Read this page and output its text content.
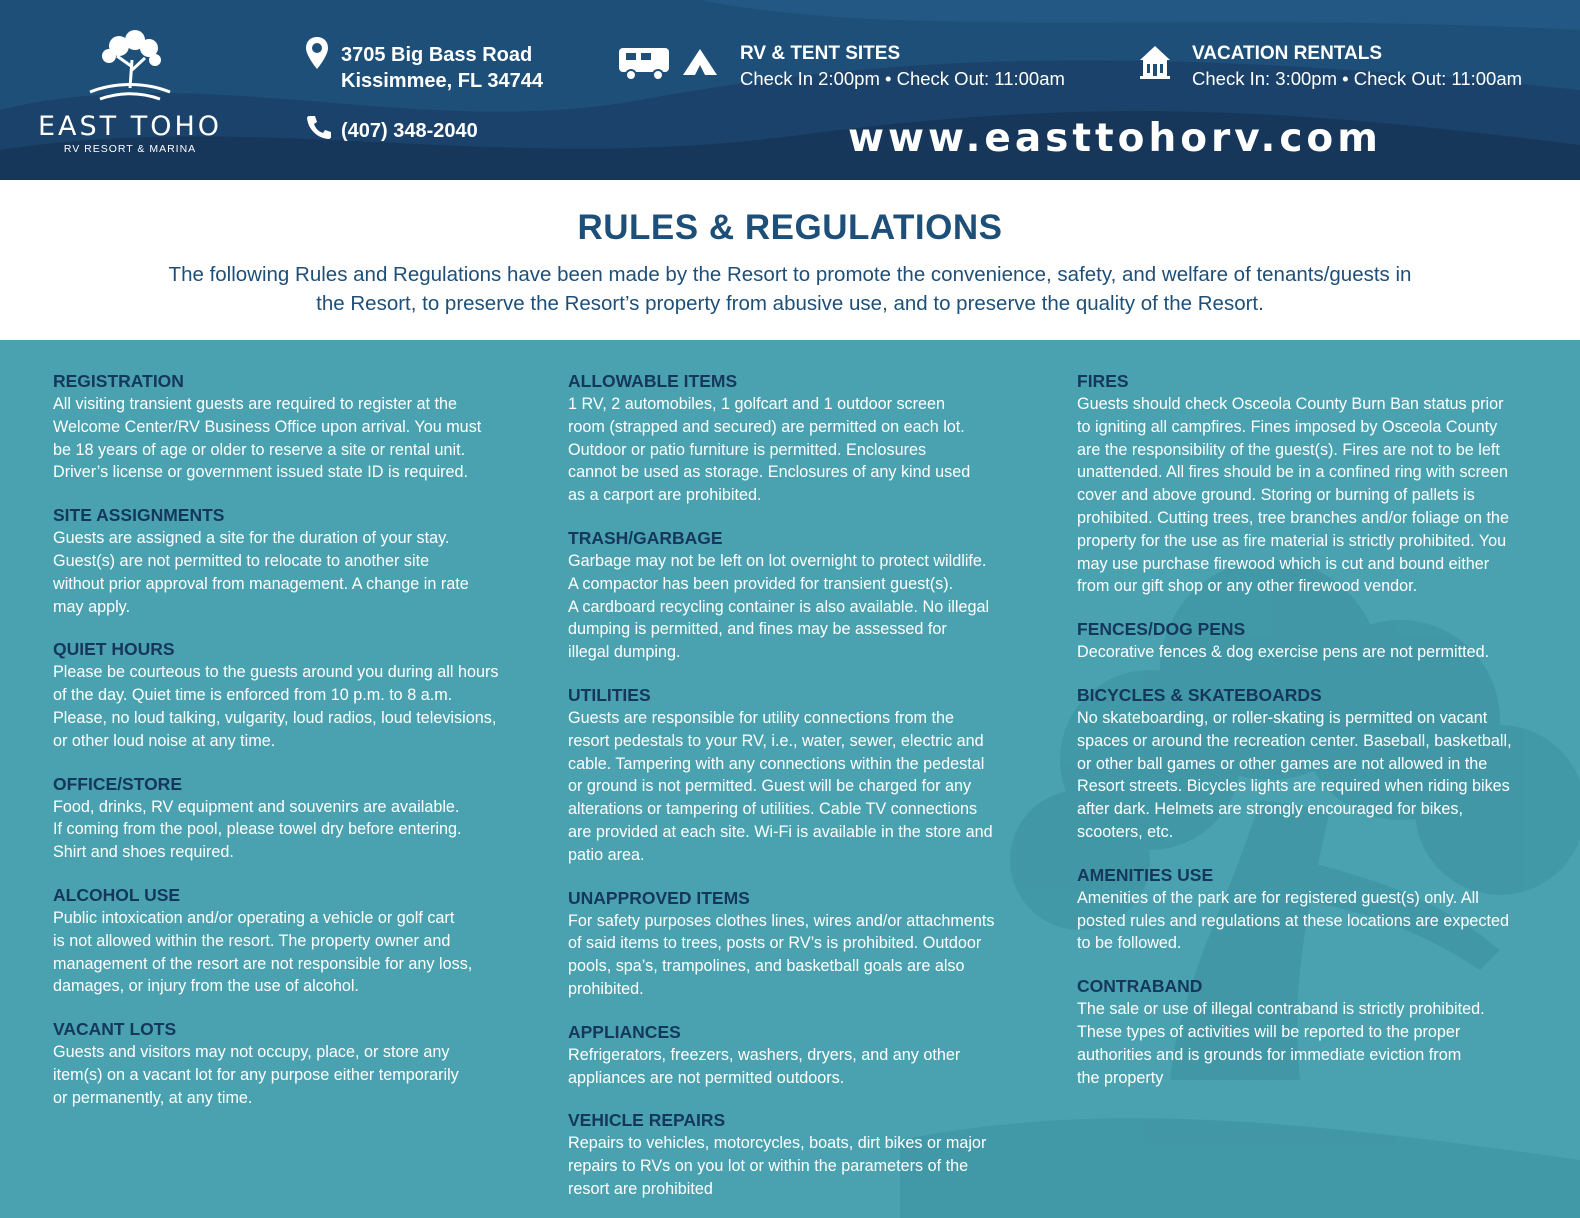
EAST TOHO
RV RESORT & MARINA
3705 Big Bass Road
Kissimmee, FL 34744
(407) 348-2040
RV & TENT SITES
Check In 2:00pm • Check Out: 11:00am
VACATION RENTALS
Check In: 3:00pm • Check Out: 11:00am
www.easttohorv.com
RULES & REGULATIONS

The following Rules and Regulations have been made by the Resort to promote the convenience, safety, and welfare of tenants/guests in
the Resort, to preserve the Resort’s property from abusive use, and to preserve the quality of the Resort.

REGISTRATION
All visiting transient guests are required to register at the
Welcome Center/RV Business Office upon arrival. You must
be 18 years of age or older to reserve a site or rental unit.
Driver’s license or government issued state ID is required.
SITE ASSIGNMENTS
Guests are assigned a site for the duration of your stay.
Guest(s) are not permitted to relocate to another site
without prior approval from management. A change in rate
may apply.
QUIET HOURS
Please be courteous to the guests around you during all hours
of the day. Quiet time is enforced from 10 p.m. to 8 a.m.
Please, no loud talking, vulgarity, loud radios, loud televisions,
or other loud noise at any time.
OFFICE/STORE
Food, drinks, RV equipment and souvenirs are available.
If coming from the pool, please towel dry before entering.
Shirt and shoes required.
ALCOHOL USE
Public intoxication and/or operating a vehicle or golf cart
is not allowed within the resort. The property owner and
management of the resort are not responsible for any loss,
damages, or injury from the use of alcohol.
VACANT LOTS
Guests and visitors may not occupy, place, or store any
item(s) on a vacant lot for any purpose either temporarily
or permanently, at any time.
ALLOWABLE ITEMS
1 RV, 2 automobiles, 1 golfcart and 1 outdoor screen
room (strapped and secured) are permitted on each lot.
Outdoor or patio furniture is permitted. Enclosures
cannot be used as storage. Enclosures of any kind used
as a carport are prohibited.
TRASH/GARBAGE
Garbage may not be left on lot overnight to protect wildlife.
A compactor has been provided for transient guest(s).
A cardboard recycling container is also available. No illegal
dumping is permitted, and fines may be assessed for
illegal dumping.
UTILITIES
Guests are responsible for utility connections from the
resort pedestals to your RV, i.e., water, sewer, electric and
cable. Tampering with any connections within the pedestal
or ground is not permitted. Guest will be charged for any
alterations or tampering of utilities. Cable TV connections
are provided at each site. Wi-Fi is available in the store and
patio area.
UNAPPROVED ITEMS
For safety purposes clothes lines, wires and/or attachments
of said items to trees, posts or RV’s is prohibited. Outdoor
pools, spa’s, trampolines, and basketball goals are also prohibited.
APPLIANCES
Refrigerators, freezers, washers, dryers, and any other
appliances are not permitted outdoors.
VEHICLE REPAIRS
Repairs to vehicles, motorcycles, boats, dirt bikes or major
repairs to RVs on you lot or within the parameters of the
resort are prohibited
FIRES
Guests should check Osceola County Burn Ban status prior
to igniting all campfires. Fines imposed by Osceola County
are the responsibility of the guest(s). Fires are not to be left
unattended. All fires should be in a confined ring with screen
cover and above ground. Storing or burning of pallets is
prohibited. Cutting trees, tree branches and/or foliage on the
property for the use as fire material is strictly prohibited. You
may use purchase firewood which is cut and bound either
from our gift shop or any other firewood vendor.
FENCES/DOG PENS
Decorative fences & dog exercise pens are not permitted.
BICYCLES & SKATEBOARDS
No skateboarding, or roller-skating is permitted on vacant
spaces or around the recreation center. Baseball, basketball,
or other ball games or other games are not allowed in the
Resort streets. Bicycles lights are required when riding bikes
after dark. Helmets are strongly encouraged for bikes,
scooters, etc.
AMENITIES USE
Amenities of the park are for registered guest(s) only. All
posted rules and regulations at these locations are expected
to be followed.
CONTRABAND
The sale or use of illegal contraband is strictly prohibited.
These types of activities will be reported to the proper
authorities and is grounds for immediate eviction from
the property
